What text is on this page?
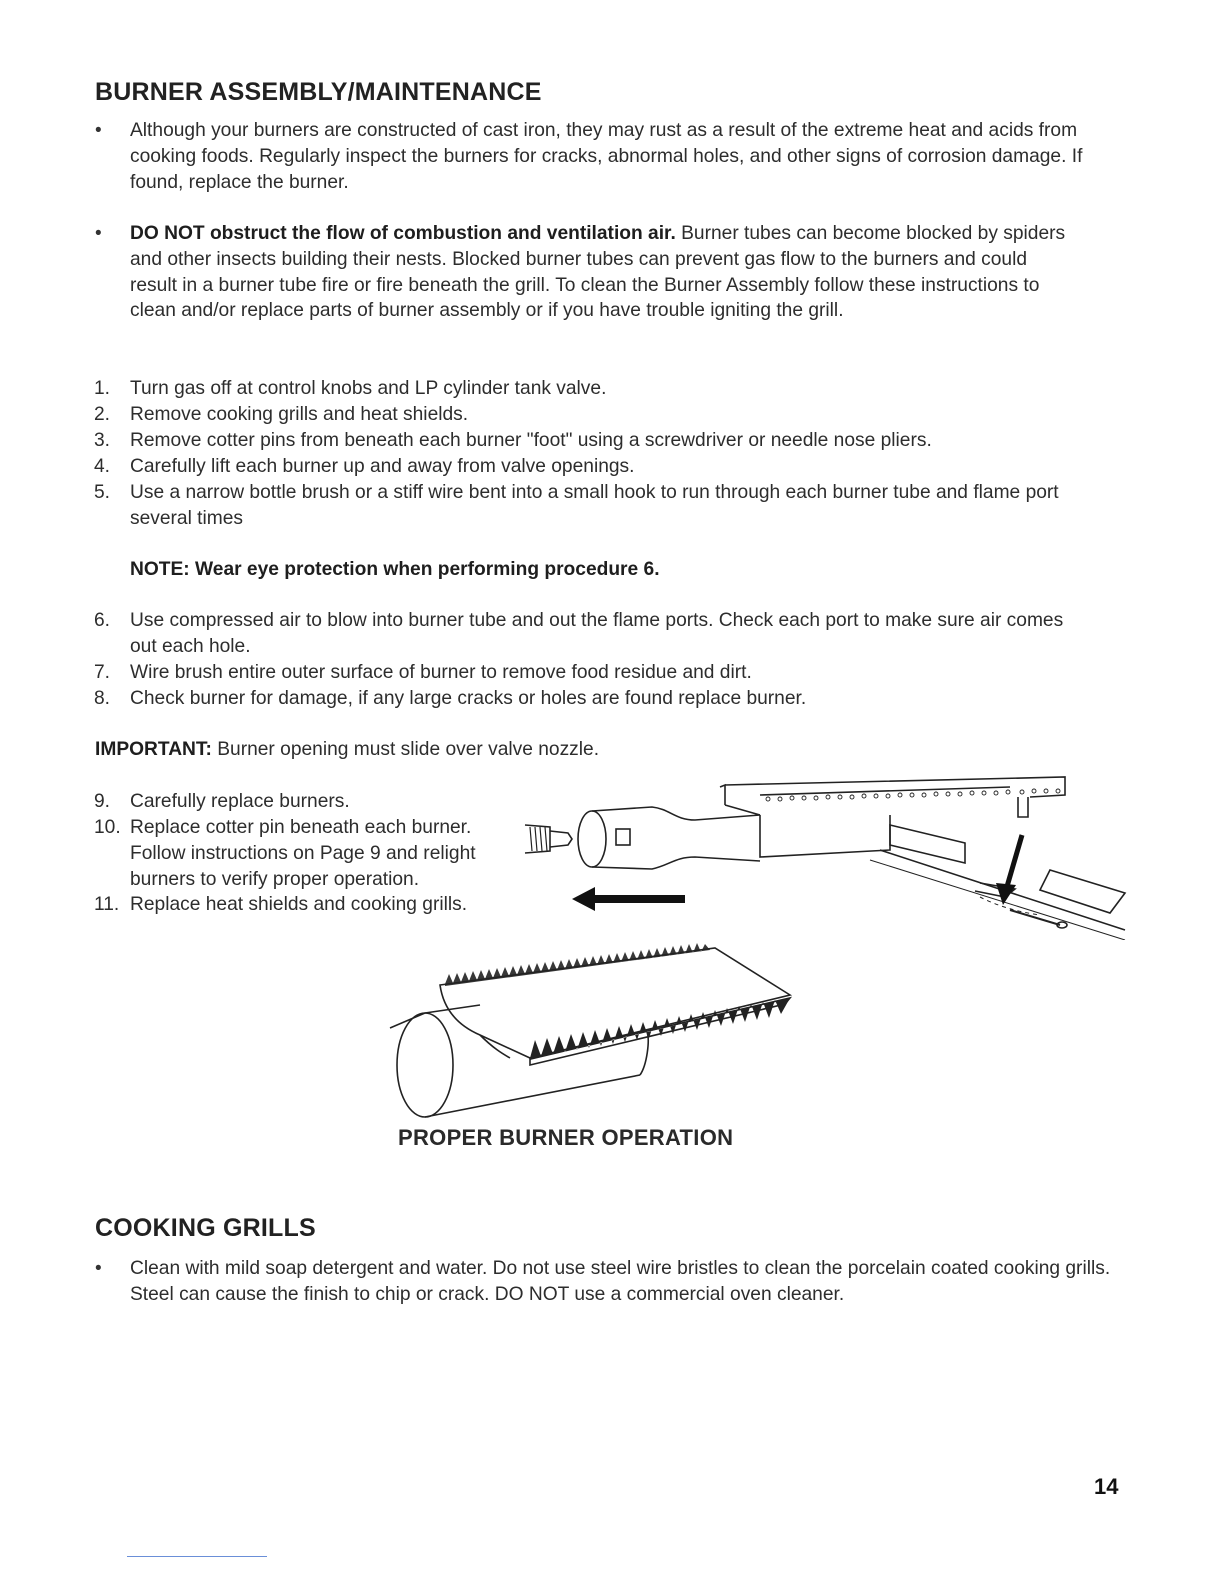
BURNER ASSEMBLY/MAINTENANCE
• Although your burners are constructed of cast iron, they may rust as a result of the extreme heat and acids from cooking foods. Regularly inspect the burners for cracks, abnormal holes, and other signs of corrosion damage. If found, replace the burner.
• DO NOT obstruct the flow of combustion and ventilation air. Burner tubes can become blocked by spiders and other insects building their nests. Blocked burner tubes can prevent gas flow to the burners and could result in a burner tube fire or fire beneath the grill. To clean the Burner Assembly follow these instructions to clean and/or replace parts of burner assembly or if you have trouble igniting the grill.
1. Turn gas off at control knobs and LP cylinder tank valve.
2. Remove cooking grills and heat shields.
3. Remove cotter pins from beneath each burner "foot" using a screwdriver or needle nose pliers.
4. Carefully lift each burner up and away from valve openings.
5. Use a narrow bottle brush or a stiff wire bent into a small hook to run through each burner tube and flame port several times
NOTE: Wear eye protection when performing procedure 6.
6. Use compressed air to blow into burner tube and out the flame ports. Check each port to make sure air comes out each hole.
7. Wire brush entire outer surface of burner to remove food residue and dirt.
8. Check burner for damage, if any large cracks or holes are found replace burner.
IMPORTANT: Burner opening must slide over valve nozzle.
9. Carefully replace burners.
10. Replace cotter pin beneath each burner. Follow instructions on Page 9 and relight burners to verify proper operation.
11. Replace heat shields and cooking grills.
PROPER BURNER OPERATION
COOKING GRILLS
• Clean with mild soap detergent and water. Do not use steel wire bristles to clean the porcelain coated cooking grills. Steel can cause the finish to chip or crack. DO NOT use a commercial oven cleaner.
14
